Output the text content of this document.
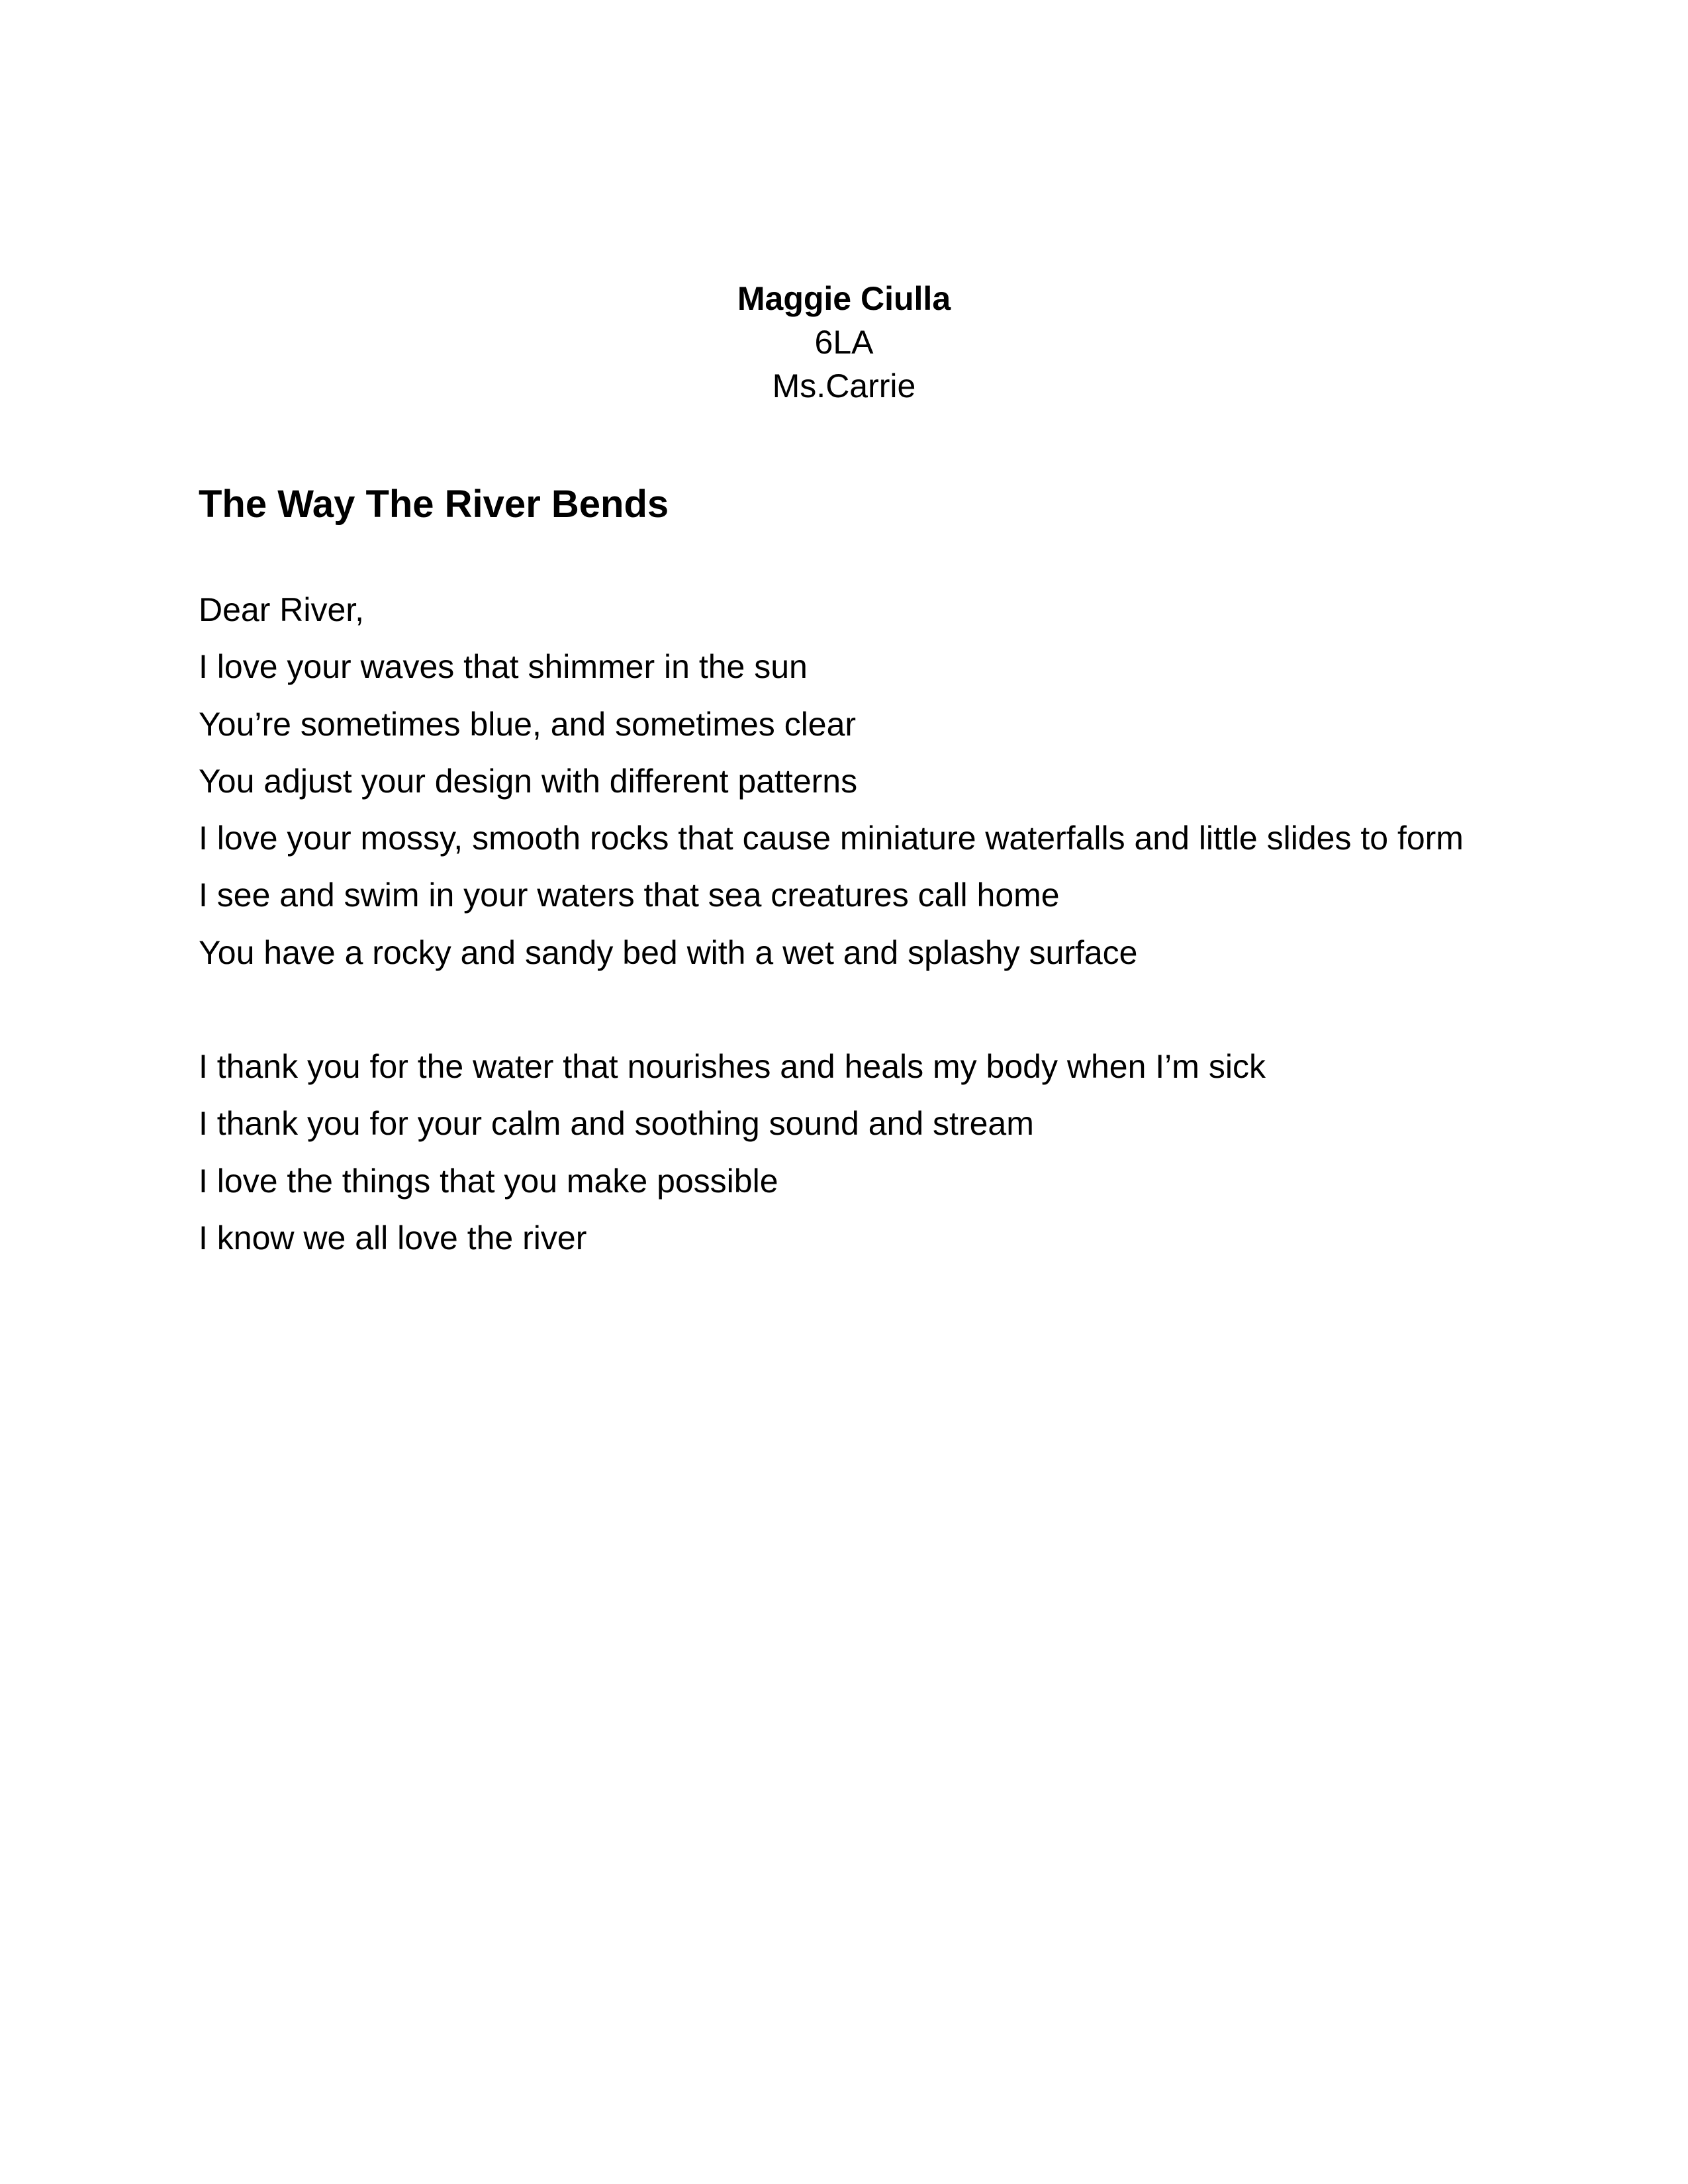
Maggie Ciulla
6LA
Ms.Carrie
The Way The River Bends
Dear River,
I love your waves that shimmer in the sun
You’re sometimes blue, and sometimes clear
You adjust your design with different patterns
I love your mossy, smooth rocks that cause miniature waterfalls and little slides to form
I see and swim in your waters that sea creatures call home
You have a rocky and sandy bed with a wet and splashy surface
I thank you for the water that nourishes and heals my body when I’m sick
I thank you for your calm and soothing sound and stream
I love the things that you make possible
I know we all love the river
